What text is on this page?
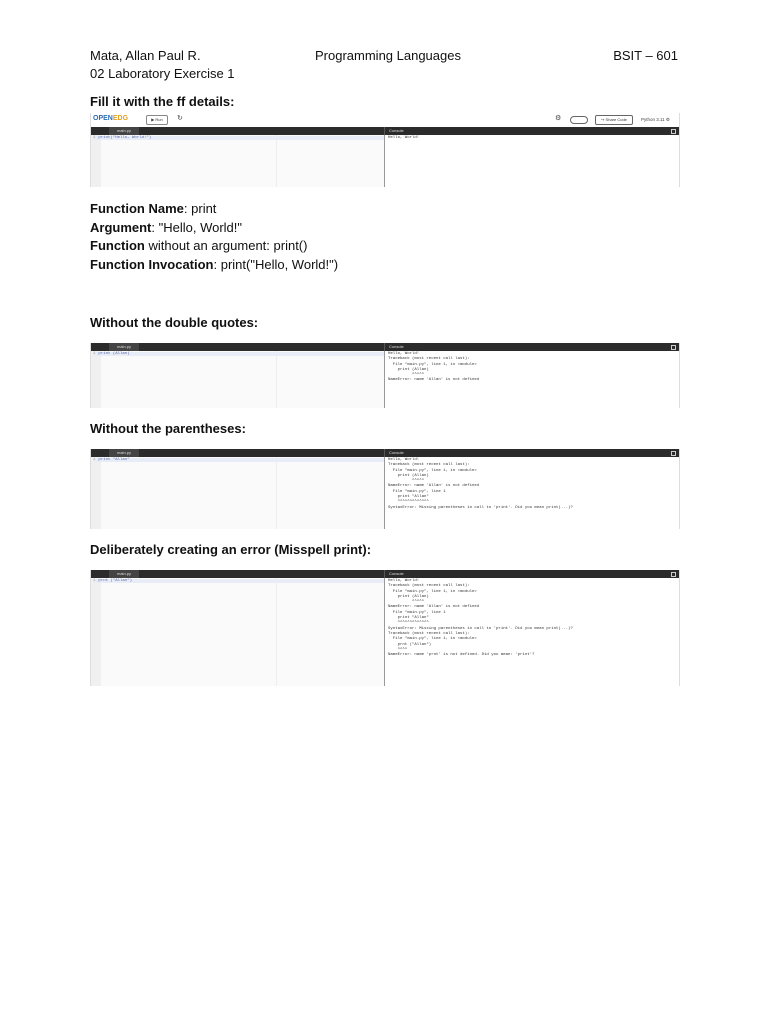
Mata, Allan Paul R.	Programming Languages	BSIT – 601
02 Laboratory Exercise 1
Fill it with the ff details:
OPENEDG	▶ Run	↻	⚙	↪ Share Code	Python 3.11 ⚙
main.py	Console
1 print("Hello, World!")	Hello, World!
Function Name: print
Argument: "Hello, World!"
Function without an argument: print()
Function Invocation: print("Hello, World!")
Without the double quotes:
main.py	Console
1 print (Allan)	Hello, World!
Traceback (most recent call last):
File "main.py", line 1, in <module>
print (Allan)
^^^^^
NameError: name 'Allan' is not defined
Without the parentheses:
main.py	Console
1 print "Allan"	Hello, World!
Traceback (most recent call last):
File "main.py", line 1, in <module>
print (Allan)
^^^^^
NameError: name 'Allan' is not defined
File "main.py", line 1
print "Allan"
^^^^^^^^^^^^^
SyntaxError: Missing parentheses in call to 'print'. Did you mean print(...)?
Deliberately creating an error (Misspell print):
main.py	Console
1 prnt ("Allan")	Hello, World!
Traceback (most recent call last):
File "main.py", line 1, in <module>
print (Allan)
^^^^^
NameError: name 'Allan' is not defined
File "main.py", line 1
print "Allan"
^^^^^^^^^^^^^
SyntaxError: Missing parentheses in call to 'print'. Did you mean print(...)?
Traceback (most recent call last):
File "main.py", line 1, in <module>
prnt ("Allan")
^^^^
NameError: name 'prnt' is not defined. Did you mean: 'print'?
